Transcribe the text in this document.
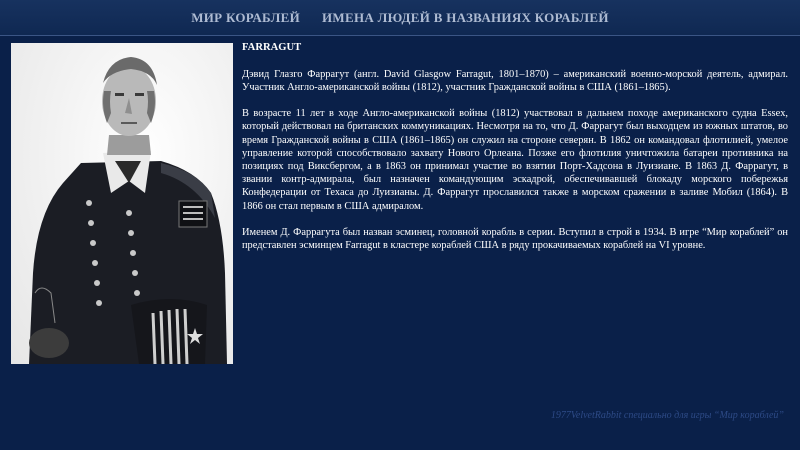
МИР КОРАБЛЕЙ ИМЕНА ЛЮДЕЙ В НАЗВАНИЯХ КОРАБЛЕЙ
FARRAGUT

Дэвид Глазго Фаррагут (англ. David Glasgow Farragut, 1801–1870) – американский военно-морской деятель, адмирал. Участник Англо-американской войны (1812), участник Гражданской войны в США (1861–1865).

В возрасте 11 лет в ходе Англо-американской войны (1812) участвовал в дальнем походе американского судна Essex, который действовал на британских коммуникациях. Несмотря на то, что Д. Фаррагут был выходцем из южных штатов, во время Гражданской войны в США (1861–1865) он служил на стороне северян. В 1862 он командовал флотилией, умелое управление которой способствовало захвату Нового Орлеана. Позже его флотилия уничтожила батареи противника на позициях под Виксбергом, а в 1863 он принимал участие во взятии Порт-Хадсона в Луизиане. В 1863 Д. Фаррагут, в звании контр-адмирала, был назначен командующим эскадрой, обеспечивавшей блокаду морского побережья Конфедерации от Техаса до Луизианы. Д. Фаррагут прославился также в морском сражении в заливе Мобил (1864). В 1866 он стал первым в США адмиралом.

Именем Д. Фаррагута был назван эсминец, головной корабль в серии. Вступил в строй в 1934. В игре “Мир кораблей” он представлен эсминцем Farragut в кластере кораблей США в ряду прокачиваемых кораблей на VI уровне.

1977VelvetRabbit специально для игры “Мир кораблей”
